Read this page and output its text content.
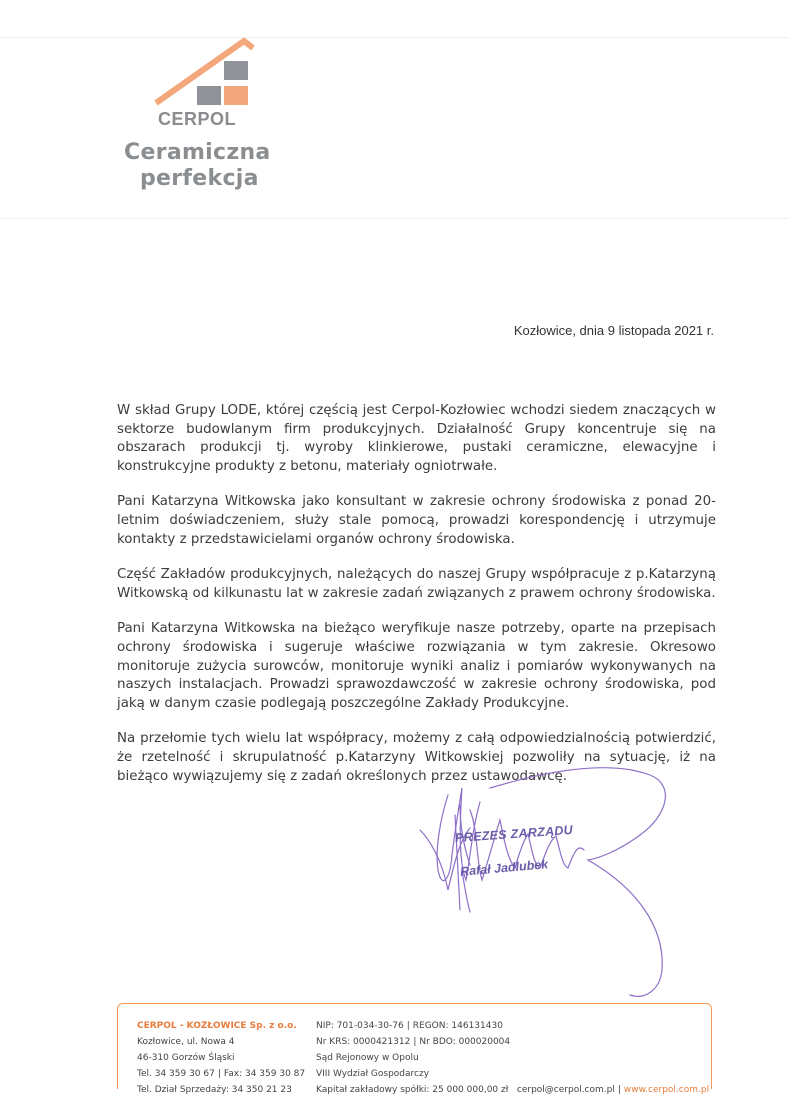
CERPOL
Ceramiczna
perfekcja
Kozłowice, dnia 9 listopada 2021 r.

W skład Grupy LODE, której częścią jest Cerpol-Kozłowiec wchodzi siedem znaczących w sektorze budowlanym firm produkcyjnych. Działalność Grupy koncentruje się na obszarach produkcji tj. wyroby klinkierowe, pustaki ceramiczne, elewacyjne i konstrukcyjne produkty z betonu, materiały ogniotrwałe.

Pani Katarzyna Witkowska jako konsultant w zakresie ochrony środowiska z ponad 20-letnim doświadczeniem, służy stale pomocą, prowadzi korespondencję i utrzymuje kontakty z przedstawicielami organów ochrony środowiska.

Część Zakładów produkcyjnych, należących do naszej Grupy współpracuje z p.Katarzyną Witkowską od kilkunastu lat w zakresie zadań związanych z prawem ochrony środowiska.

Pani Katarzyna Witkowska na bieżąco weryfikuje nasze potrzeby, oparte na przepisach ochrony środowiska i sugeruje właściwe rozwiązania w tym zakresie. Okresowo monitoruje zużycia surowców, monitoruje wyniki analiz i pomiarów wykonywanych na naszych instalacjach. Prowadzi sprawozdawczość w zakresie ochrony środowiska, pod jaką w danym czasie podlegają poszczególne Zakłady Produkcyjne.

Na przełomie tych wielu lat współpracy, możemy z całą odpowiedzialnością potwierdzić, że rzetelność i skrupulatność p.Katarzyny Witkowskiej pozwoliły na sytuację, iż na bieżąco wywiązujemy się z zadań określonych przez ustawodawcę.

PREZES ZARZĄDU
Rafał Jadlubek
CERPOL - KOZŁOWICE Sp. z o.o.
Kozłowice, ul. Nowa 4
46-310 Gorzów Śląski
Tel. 34 359 30 67 | Fax: 34 359 30 87
Tel. Dział Sprzedaży: 34 350 21 23
NIP: 701-034-30-76 | REGON: 146131430
Nr KRS: 0000421312 | Nr BDO: 000020004
Sąd Rejonowy w Opolu
VIII Wydział Gospodarczy
Kapitał zakładowy spółki: 25 000 000,00 zł cerpol@cerpol.com.pl | www.cerpol.com.pl
